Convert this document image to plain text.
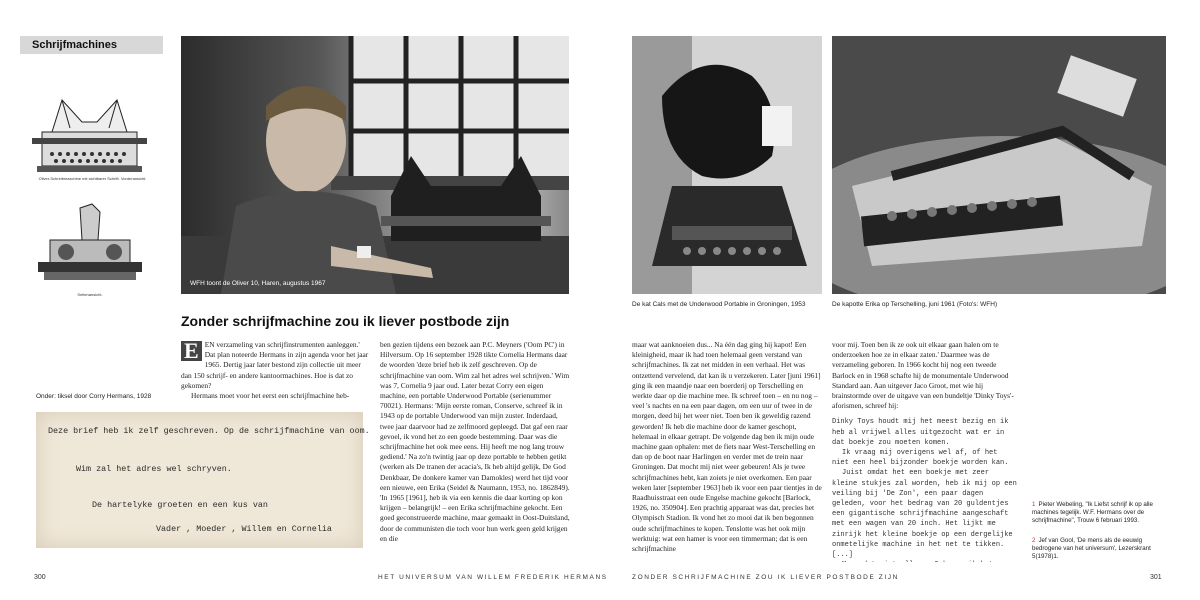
Schrijfmachines
Oliver-Schreibmaschine mit sichtbarer Schrift. Vorderansicht.
Seitenansicht.
WFH toont de Oliver 10, Haren, augustus 1967
Zonder schrijfmachine zou ik liever postbode zijn
Onder: tiksel door Corry Hermans, 1928
Deze brief heb ik zelf geschreven. Op de schrijfmachine van oom.
Wim zal het adres wel schryven.
De hartelyke groeten en een kus van
Vader , Moeder , Willem en Cornelia
E EN verzameling van schrijfinstrumenten aanleggen.' Dat plan noteerde Hermans in zijn agenda voor het jaar 1965. Dertig jaar later bestond zijn collectie uit meer dan 150 schrijf- en andere kantoormachines. Hoe is dat zo gekomen?

Hermans moet voor het eerst een schrijfmachine heb-

ben gezien tijdens een bezoek aan P.C. Meyners ('Oom PC') in Hilversum. Op 16 september 1928 tikte Cornelia Hermans daar de woorden 'deze brief heb ik zelf geschreven. Op de schrijfmachine van oom. Wim zal het adres wel schrijven.' Wim was 7, Cornelia 9 jaar oud. Later bezat Corry een eigen machine, een portable Underwood Portable (serienummer 70021). Hermans: 'Mijn eerste roman, Conserve, schreef ik in 1943 op de portable Underwood van mijn zuster. Inderdaad, twee jaar daarvoor had ze zelfmoord gepleegd. Dat gaf een raar gevoel, ik vond het zo een goede bestemming. Daar was die schrijfmachine het ook mee eens. Hij heeft me nog lang trouw gediend.' Na zo'n twintig jaar op deze portable te hebben getikt (werken als De tranen der acacia's, Ik heb altijd gelijk, De God Denkbaar, De donkere kamer van Damokles) werd het tijd voor een nieuwe, een Erika (Seidel & Naumann, 1953, no. 1862849). 'In 1965 [1961], heb ik via een kennis die daar korting op kon krijgen – belangrijk! – een Erika schrijfmachine gekocht. Een goed geconstrueerde machine, maar gemaakt in Oost-Duitsland, door de communisten die toch voor hun werk geen geld krijgen en die

300	HET UNIVERSUM VAN WILLEM FREDERIK HERMANS
De kat Cals met de Underwood Portable in Groningen, 1953	De kapotte Erika op Terschelling, juni 1961 (Foto's: WFH)

maar wat aanknoeien dus... Na één dag ging hij kapot! Een kleinigheid, maar ik had toen helemaal geen verstand van schrijfmachines. Ik zat net midden in een verhaal. Het was ontzettend vervelend, dat kan ik u verzekeren. Later [juni 1961] ging ik een maandje naar een boerderij op Terschelling en werkte daar op die machine mee. Ik schreef toen – en nu nog – veel 's nachts en na een paar dagen, om een uur of twee in de morgen, deed hij het weer niet. Toen ben ik geweldig razend geworden! Ik heb die machine door de kamer geschopt, helemaal in elkaar getrapt. De volgende dag ben ik mijn oude machine gaan ophalen: met de fiets naar West-Terschelling en dan op de boot naar Harlingen en verder met de trein naar Groningen. Dat mocht mij niet weer gebeuren! Als je twee schrijfmachines hebt, kan zoiets je niet overkomen. Een paar weken later [september 1963] heb ik voor een paar tientjes in de Raadhuisstraat een oude Engelse machine gekocht [Barlock, 1926, no. 350904]. Een prachtig apparaat was dat, precies het Olympisch Stadion. Ik vond het zo mooi dat ik ben begonnen oude schrijfmachines te kopen. Tenslotte was het ook mijn werktuig: wat een hamer is voor een timmerman; dat is een schrijfmachine

voor mij. Toen ben ik ze ook uit elkaar gaan halen om te onderzoeken hoe ze in elkaar zaten.' Daarmee was de verzameling geboren. In 1966 kocht hij nog een tweede Barlock en in 1968 schafte hij de monumentale Underwood Standard aan. Aan uitgever Jaco Groot, met wie hij brainstormde over de uitgave van een bundeltje 'Dinky Toys'-aforismen, schreef hij:

Dinky Toys houdt mij het meest bezig en ik heb al vrijwel alles uitgezocht wat er in dat boekje zou moeten komen.

Ik vraag mij overigens wel af, of het niet een heel bijzonder boekje worden kan.

Juist omdat het een boekje met zeer kleine stukjes zal worden, heb ik mij op een veiling bij 'De Zon', een paar dagen geleden, voor het bedrag van 20 guldentjes een gigantische schrijfmachine aangeschaft met een wagen van 20 inch. Het lijkt me zinrijk het kleine boekje op een dergelijke onmetelijke machine in het net te tikken. [...]

1 Pieter Webeling, "Ik Liefst schrijf ik op alle machines tegelijk. W.F. Hermans over de schrijfmachine", Trouw 6 februari 1993.
2 Jef van Gool, 'De mens als de eeuwig bedrogene van het universum', Lezerskrant 5(1978)1.
ZONDER SCHRIJFMACHINE ZOU IK LIEVER POSTBODE ZIJN	301
